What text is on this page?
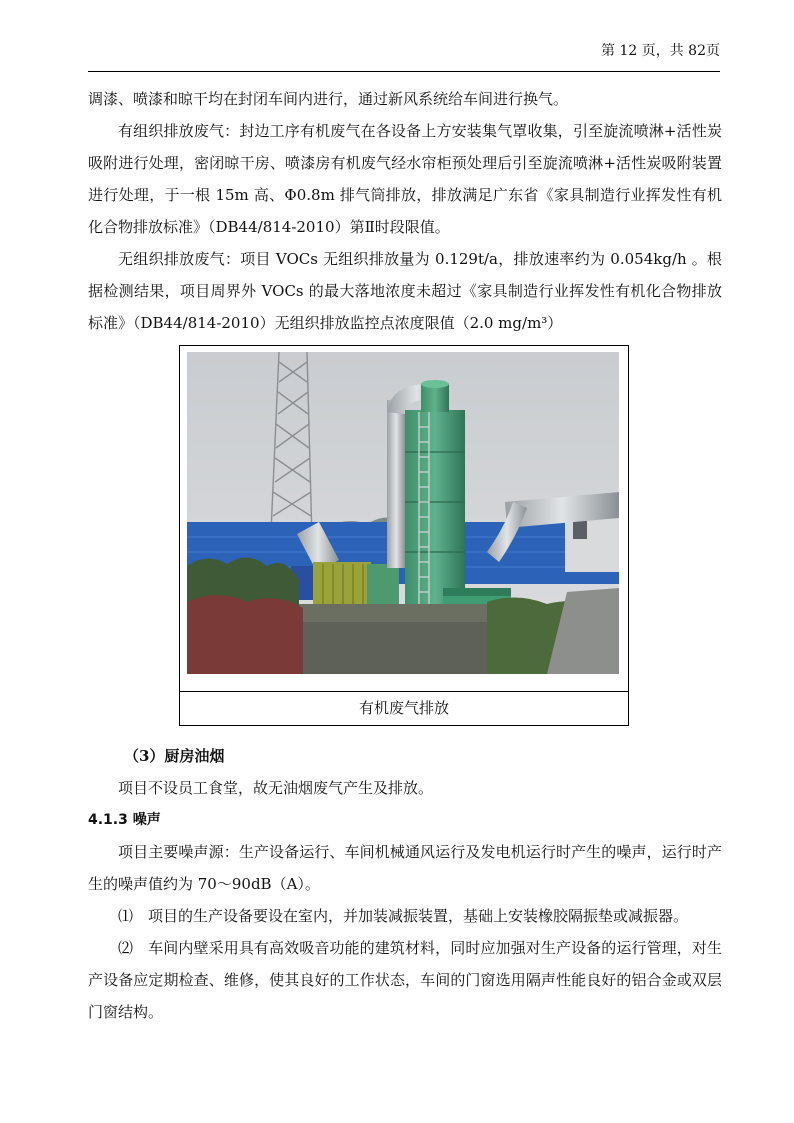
第 12 页，共 82页

调漆、喷漆和晾干均在封闭车间内进行，通过新风系统给车间进行换气。

有组织排放废气：封边工序有机废气在各设备上方安装集气罩收集，引至旋流喷淋+活性炭吸附进行处理，密闭晾干房、喷漆房有机废气经水帘柜预处理后引至旋流喷淋+活性炭吸附装置进行处理，于一根 15m 高、Φ0.8m 排气筒排放，排放满足广东省《家具制造行业挥发性有机化合物排放标准》（DB44/814-2010）第Ⅱ时段限值。

无组织排放废气：项目 VOCs 无组织排放量为 0.129t/a，排放速率约为 0.054kg/h 。根据检测结果，项目周界外 VOCs 的最大落地浓度未超过《家具制造行业挥发性有机化合物排放标准》（DB44/814-2010）无组织排放监控点浓度限值（2.0 mg/m³）

有机废气排放

（3）厨房油烟

项目不设员工食堂，故无油烟废气产生及排放。

4.1.3 噪声

项目主要噪声源：生产设备运行、车间机械通风运行及发电机运行时产生的噪声，运行时产生的噪声值约为 70～90dB（A）。

⑴　项目的生产设备要设在室内，并加装减振装置，基础上安装橡胶隔振垫或减振器。

⑵　车间内壁采用具有高效吸音功能的建筑材料，同时应加强对生产设备的运行管理，对生产设备应定期检查、维修，使其良好的工作状态，车间的门窗选用隔声性能良好的铝合金或双层门窗结构。
